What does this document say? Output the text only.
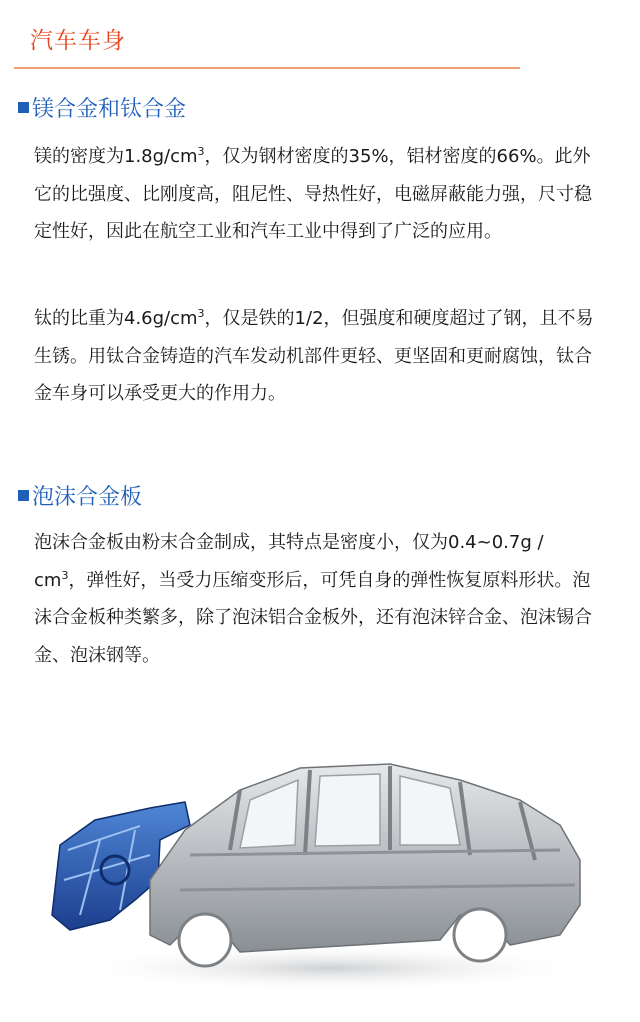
汽车车身
镁合金和钛合金

镁的密度为$1.8g/cm^3$，仅为钢材密度的35%，铝材密度的66%。此外它的比强度、比刚度高，阻尼性、导热性好，电磁屏蔽能力强，尺寸稳定性好，因此在航空工业和汽车工业中得到了广泛的应用。

钛的比重为$4.6g/cm^3$，仅是铁的1/2，但强度和硬度超过了钢，且不易生锈。用钛合金铸造的汽车发动机部件更轻、更坚固和更耐腐蚀，钛合金车身可以承受更大的作用力。

泡沫合金板

泡沫合金板由粉末合金制成，其特点是密度小，仅为0.4~0.7g / $cm^3$，弹性好，当受力压缩变形后，可凭自身的弹性恢复原料形状。泡沫合金板种类繁多，除了泡沫铝合金板外，还有泡沫锌合金、泡沫锡合金、泡沫钢等。
